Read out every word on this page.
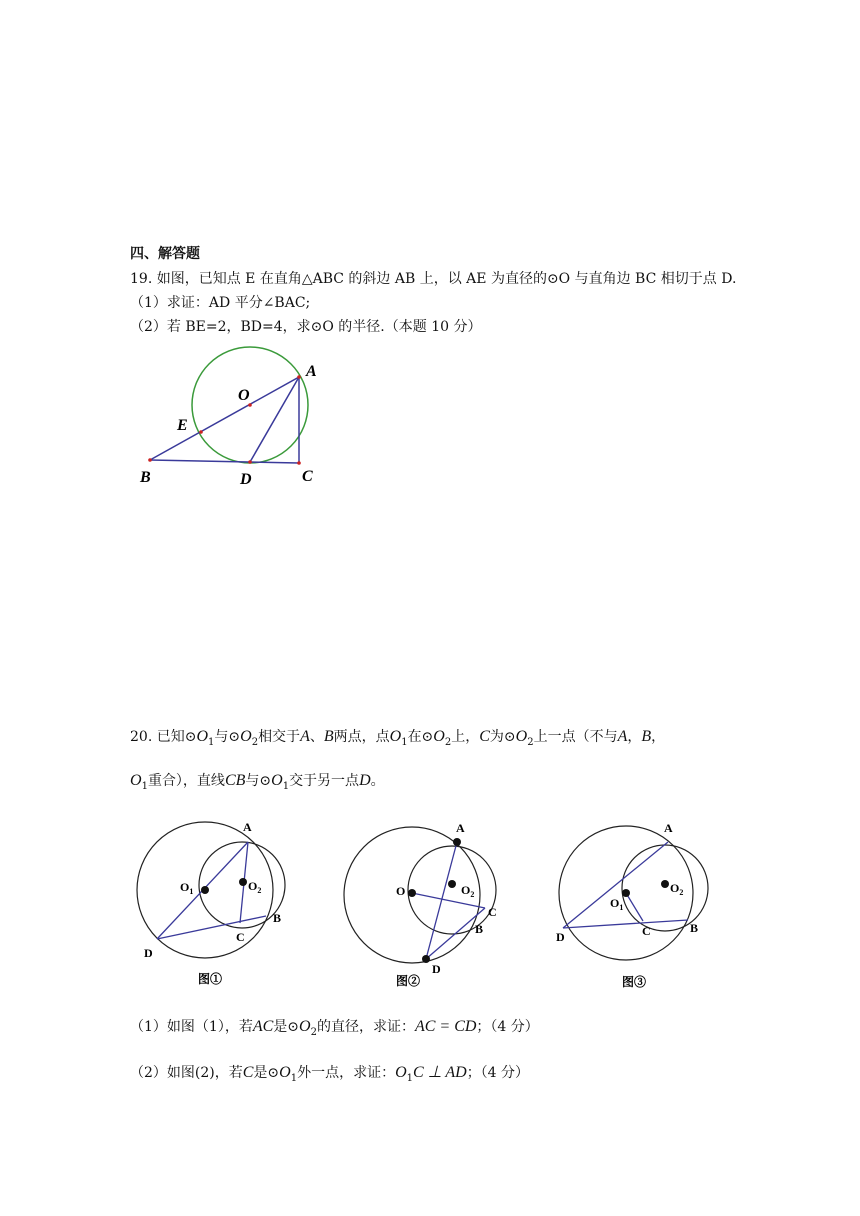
四、解答题
19. 如图，已知点 E 在直角△ABC 的斜边 AB 上，以 AE 为直径的⊙O 与直角边 BC 相切于点 D.
（1）求证：AD 平分∠BAC;
（2）若 BE=2，BD=4，求⊙O 的半径.（本题 10 分）
A
O
E
B	D	C
20. 已知$⊙O_1$与$⊙O_2$相交于A、B两点，点$O_1$在$⊙O_2$上，C为$⊙O_2$上一点（不与A，B，
$O_1$重合），直线CB与$⊙O_1$交于另一点D。
A
$O_1$	$O_2$
B
C
D
图①
A
O	$O_2$
C
B
D
图②
A
$O_1$
$O_2$
C	B
D
图③
（1）如图（1），若AC是$⊙O_2$的直径，求证：AC = CD；（4 分）
（2）如图(2)，若C是$⊙O_1$外一点，求证：$O_1C$ ⊥ AD；（4 分）
